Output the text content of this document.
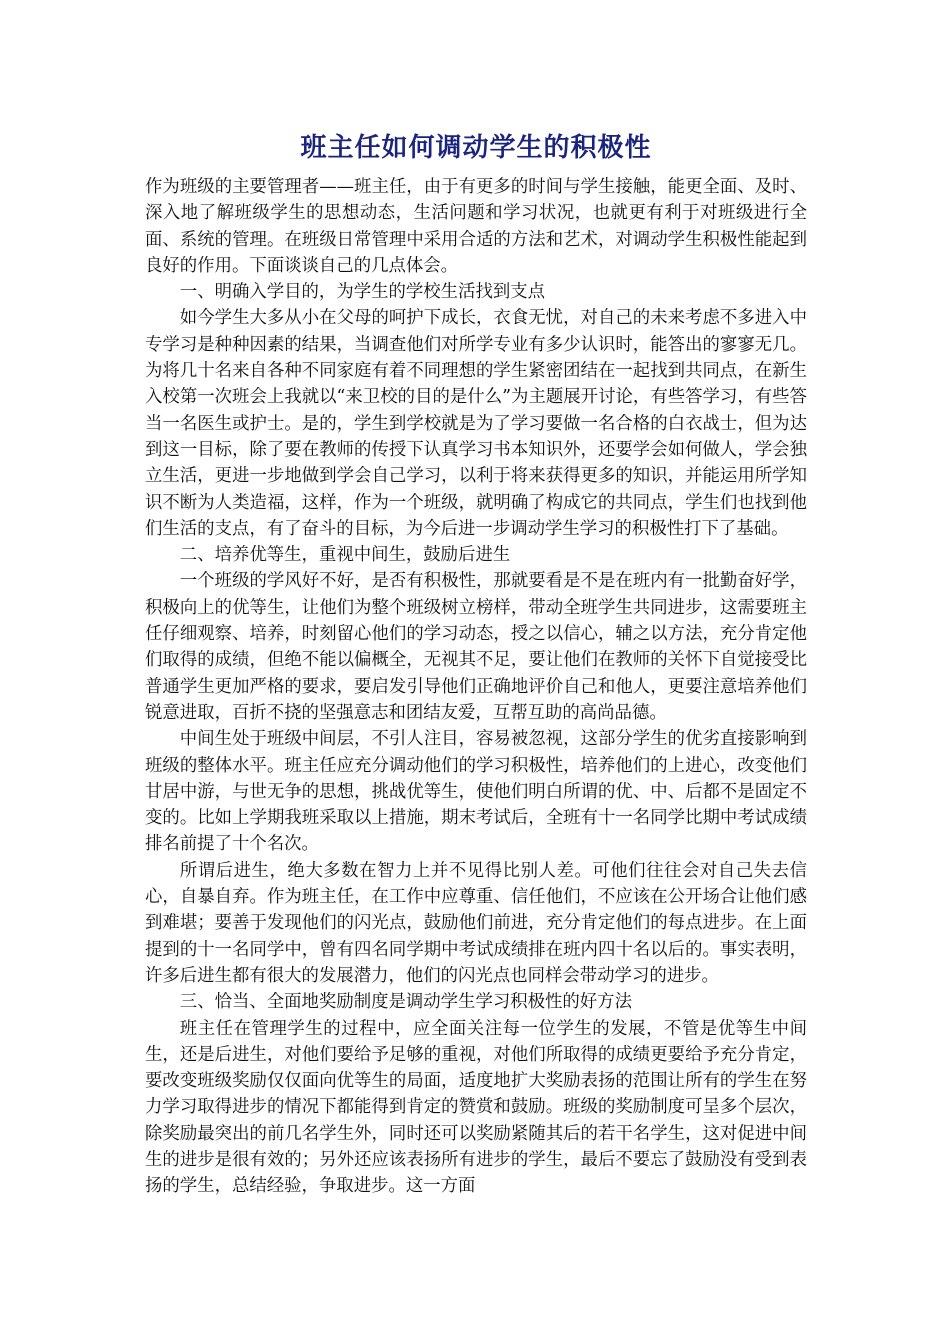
班主任如何调动学生的积极性

作为班级的主要管理者——班主任，由于有更多的时间与学生接触，能更全面、及时、深入地了解班级学生的思想动态，生活问题和学习状况，也就更有利于对班级进行全面、系统的管理。在班级日常管理中采用合适的方法和艺术，对调动学生积极性能起到良好的作用。下面谈谈自己的几点体会。

一、明确入学目的，为学生的学校生活找到支点

如今学生大多从小在父母的呵护下成长，衣食无忧，对自己的未来考虑不多进入中专学习是种种因素的结果，当调查他们对所学专业有多少认识时，能答出的寥寥无几。为将几十名来自各种不同家庭有着不同理想的学生紧密团结在一起找到共同点，在新生入校第一次班会上我就以“来卫校的目的是什么”为主题展开讨论，有些答学习，有些答当一名医生或护士。是的，学生到学校就是为了学习要做一名合格的白衣战士，但为达到这一目标，除了要在教师的传授下认真学习书本知识外，还要学会如何做人，学会独立生活，更进一步地做到学会自己学习，以利于将来获得更多的知识，并能运用所学知识不断为人类造福，这样，作为一个班级，就明确了构成它的共同点，学生们也找到他们生活的支点，有了奋斗的目标，为今后进一步调动学生学习的积极性打下了基础。

二、培养优等生，重视中间生，鼓励后进生

一个班级的学风好不好，是否有积极性，那就要看是不是在班内有一批勤奋好学，积极向上的优等生，让他们为整个班级树立榜样，带动全班学生共同进步，这需要班主任仔细观察、培养，时刻留心他们的学习动态，授之以信心，辅之以方法，充分肯定他们取得的成绩，但绝不能以偏概全，无视其不足，要让他们在教师的关怀下自觉接受比普通学生更加严格的要求，要启发引导他们正确地评价自己和他人，更要注意培养他们锐意进取，百折不挠的坚强意志和团结友爱，互帮互助的高尚品德。

中间生处于班级中间层，不引人注目，容易被忽视，这部分学生的优劣直接影响到班级的整体水平。班主任应充分调动他们的学习积极性，培养他们的上进心，改变他们甘居中游，与世无争的思想，挑战优等生，使他们明白所谓的优、中、后都不是固定不变的。比如上学期我班采取以上措施，期末考试后，全班有十一名同学比期中考试成绩排名前提了十个名次。

所谓后进生，绝大多数在智力上并不见得比别人差。可他们往往会对自己失去信心，自暴自弃。作为班主任，在工作中应尊重、信任他们，不应该在公开场合让他们感到难堪；要善于发现他们的闪光点，鼓励他们前进，充分肯定他们的每点进步。在上面提到的十一名同学中，曾有四名同学期中考试成绩排在班内四十名以后的。事实表明，许多后进生都有很大的发展潜力，他们的闪光点也同样会带动学习的进步。

三、恰当、全面地奖励制度是调动学生学习积极性的好方法

班主任在管理学生的过程中，应全面关注每一位学生的发展，不管是优等生中间生，还是后进生，对他们要给予足够的重视，对他们所取得的成绩更要给予充分肯定，要改变班级奖励仅仅面向优等生的局面，适度地扩大奖励表扬的范围让所有的学生在努力学习取得进步的情况下都能得到肯定的赞赏和鼓励。班级的奖励制度可呈多个层次，除奖励最突出的前几名学生外，同时还可以奖励紧随其后的若干名学生，这对促进中间生的进步是很有效的；另外还应该表扬所有进步的学生，最后不要忘了鼓励没有受到表扬的学生，总结经验，争取进步。这一方面
